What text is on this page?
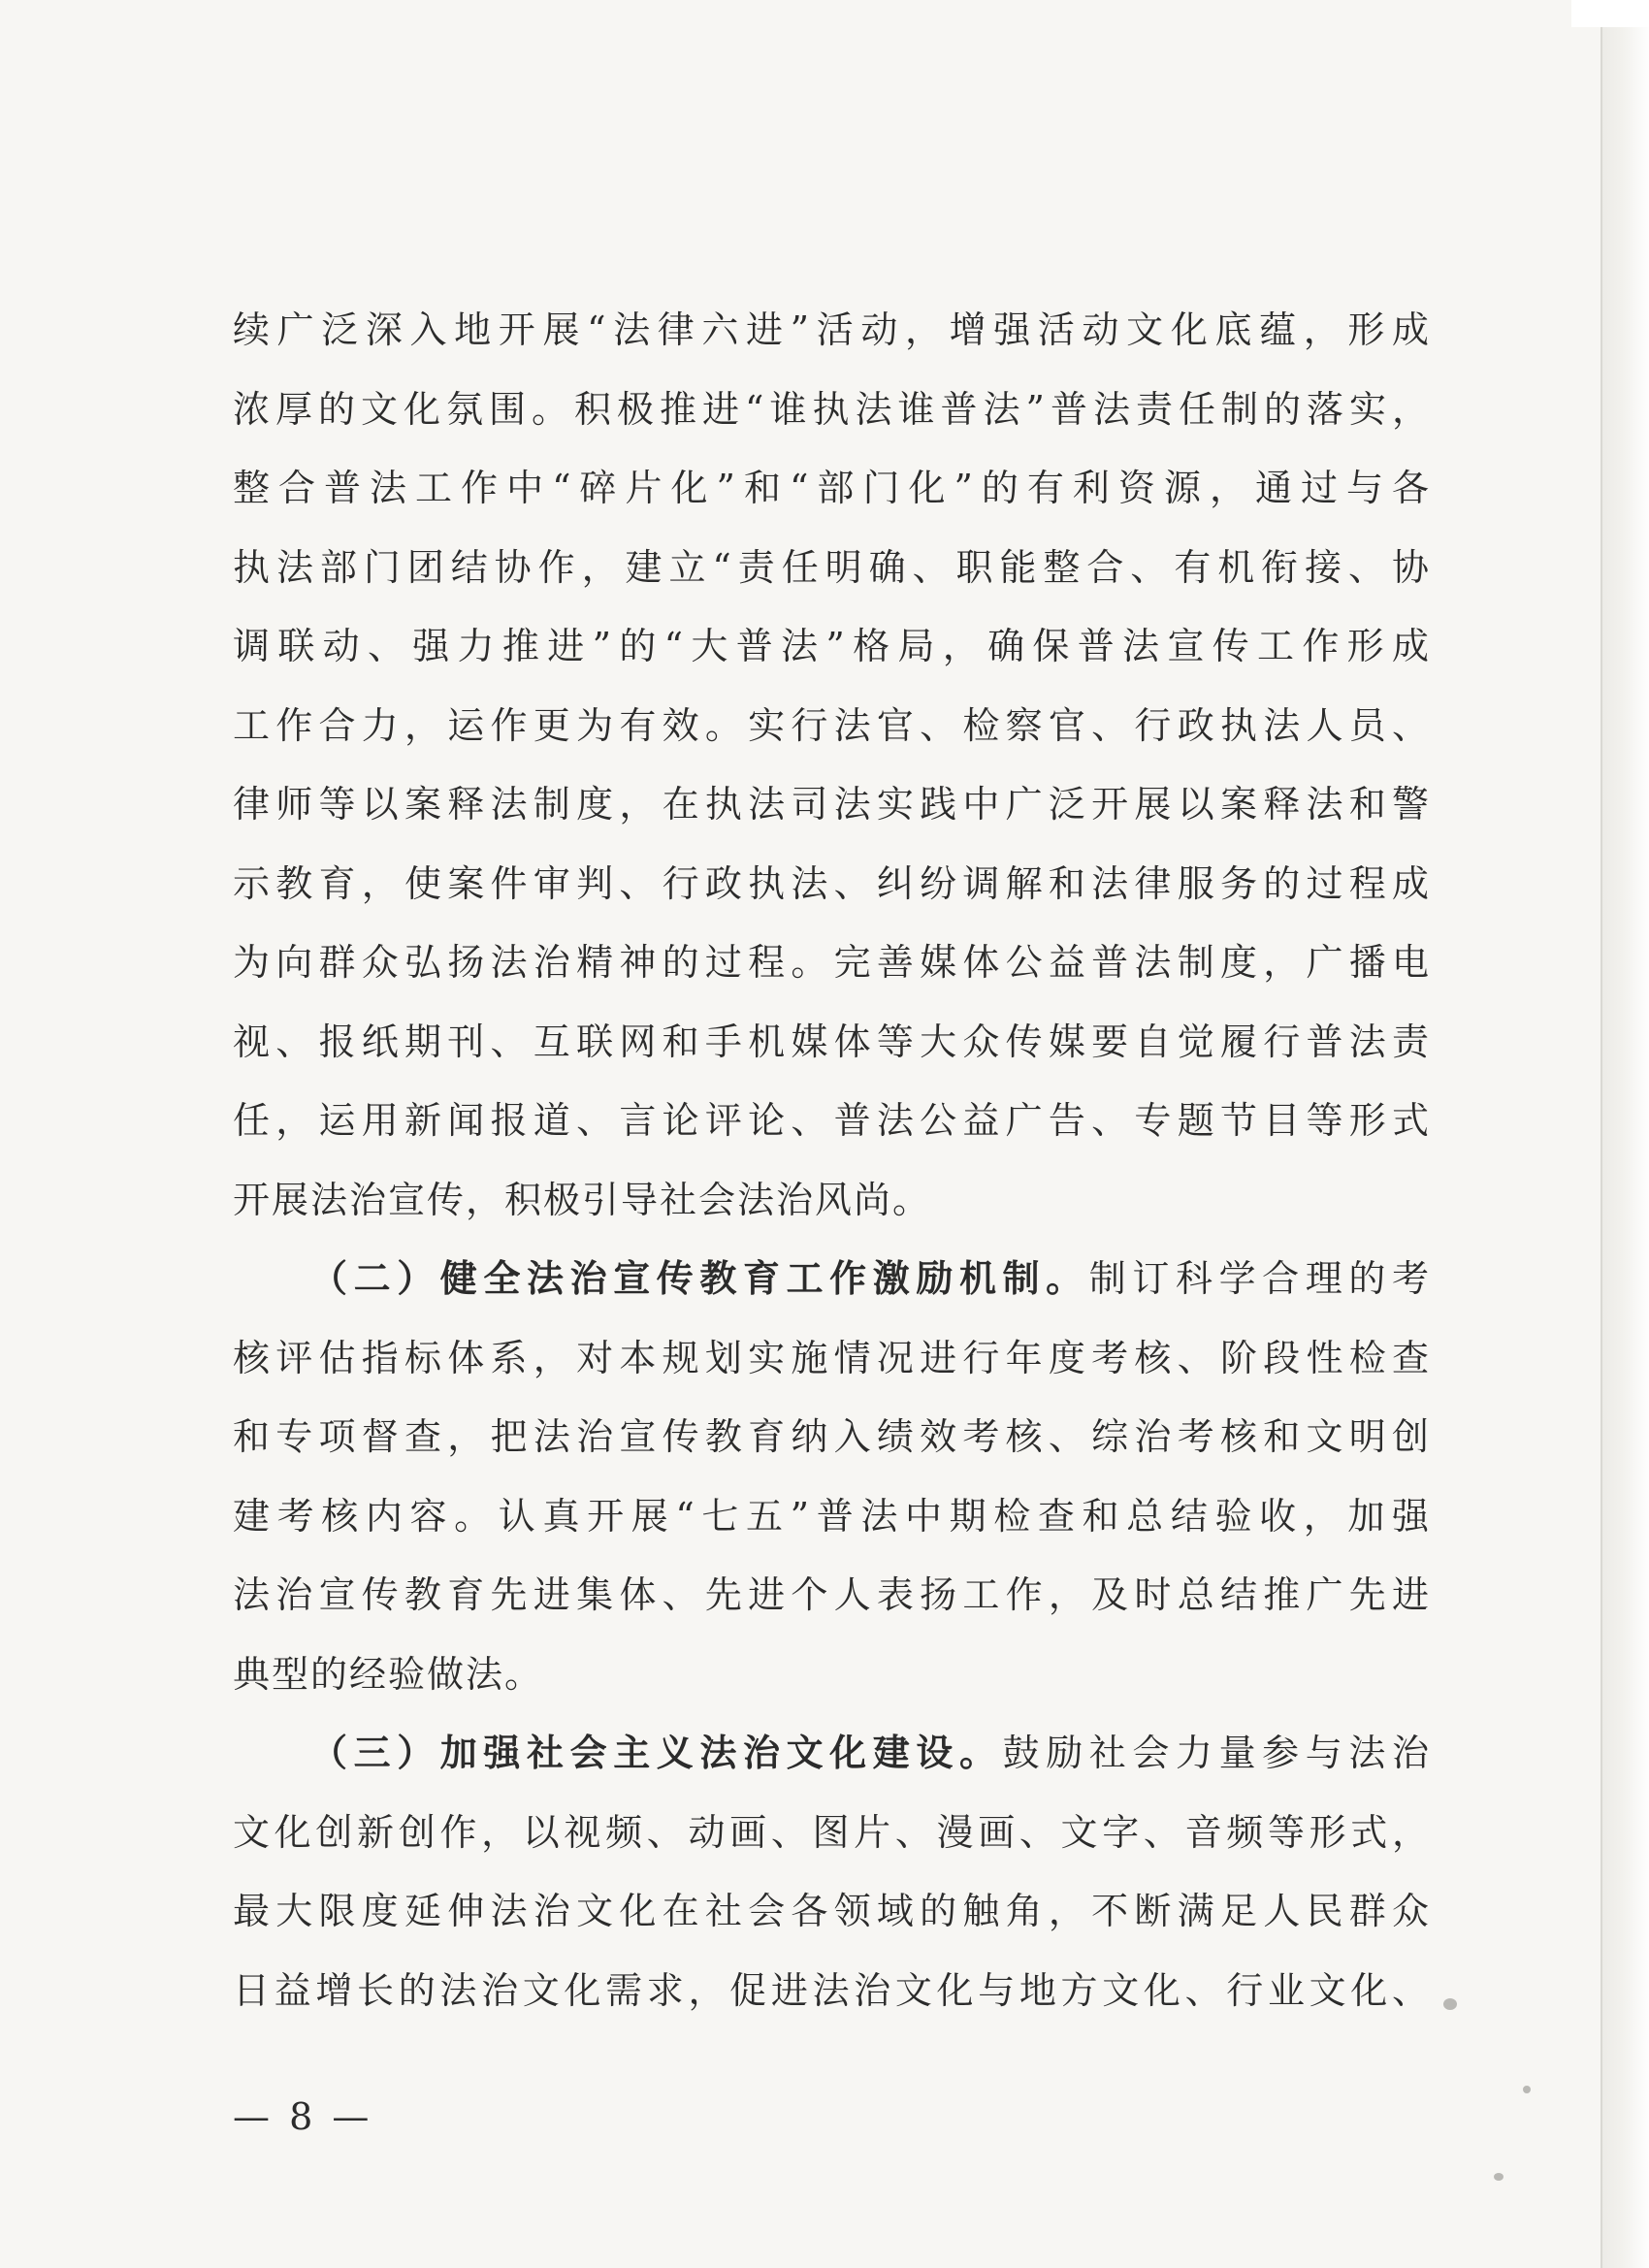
续广泛深入地开展“法律六进”活动，增强活动文化底蕴，形成
浓厚的文化氛围。积极推进“谁执法谁普法”普法责任制的落实，
整合普法工作中“碎片化”和“部门化”的有利资源，通过与各
执法部门团结协作，建立“责任明确、职能整合、有机衔接、协
调联动、强力推进”的“大普法”格局，确保普法宣传工作形成
工作合力，运作更为有效。实行法官、检察官、行政执法人员、
律师等以案释法制度，在执法司法实践中广泛开展以案释法和警
示教育，使案件审判、行政执法、纠纷调解和法律服务的过程成
为向群众弘扬法治精神的过程。完善媒体公益普法制度，广播电
视、报纸期刊、互联网和手机媒体等大众传媒要自觉履行普法责
任，运用新闻报道、言论评论、普法公益广告、专题节目等形式
开展法治宣传，积极引导社会法治风尚。
（二）健全法治宣传教育工作激励机制。制订科学合理的考
核评估指标体系，对本规划实施情况进行年度考核、阶段性检查
和专项督查，把法治宣传教育纳入绩效考核、综治考核和文明创
建考核内容。认真开展“七五”普法中期检查和总结验收，加强
法治宣传教育先进集体、先进个人表扬工作，及时总结推广先进
典型的经验做法。
（三）加强社会主义法治文化建设。鼓励社会力量参与法治
文化创新创作，以视频、动画、图片、漫画、文字、音频等形式，
最大限度延伸法治文化在社会各领域的触角，不断满足人民群众
日益增长的法治文化需求，促进法治文化与地方文化、行业文化、
— 8 —
